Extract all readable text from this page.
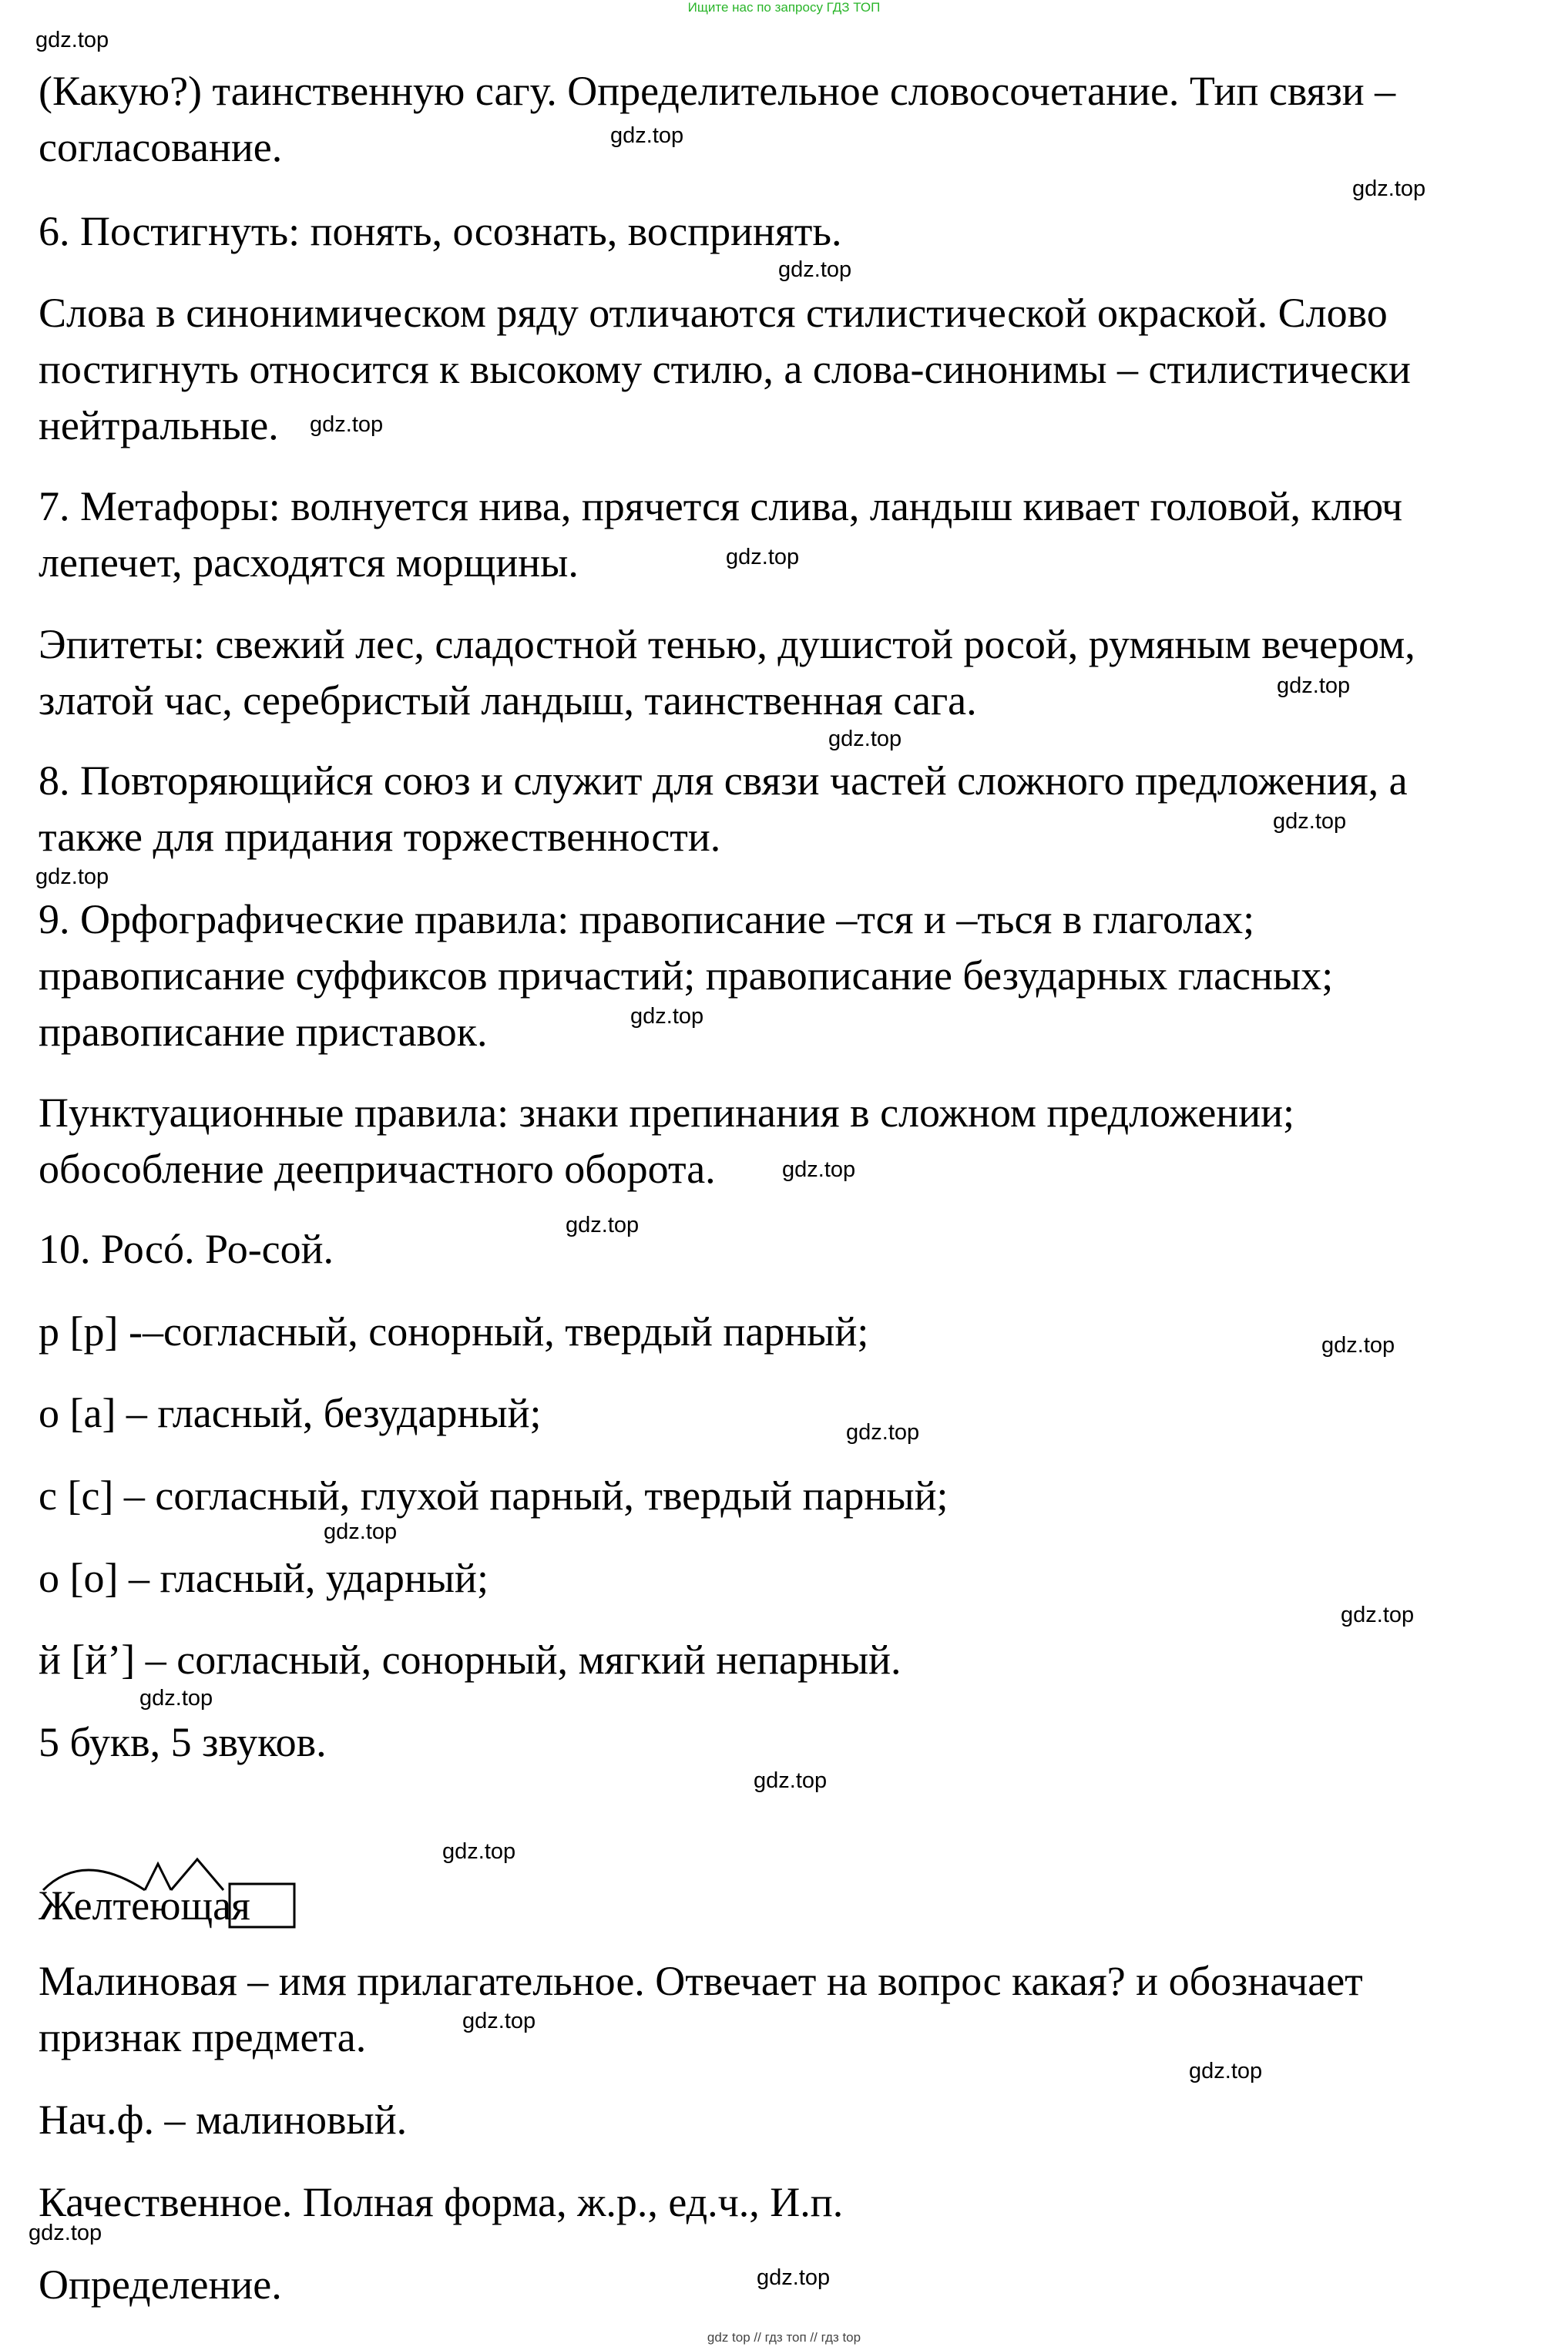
Ищите нас по запросу ГДЗ ТОП
(Какую?) таинственную сагу. Определительное словосочетание. Тип связи –
согласование.
6. Постигнуть: понять, осознать, воспринять.
Слова в синонимическом ряду отличаются стилистической окраской. Слово
постигнуть относится к высокому стилю, а слова-синонимы – стилистически
нейтральные.
7. Метафоры: волнуется нива, прячется слива, ландыш кивает головой, ключ
лепечет, расходятся морщины.
Эпитеты: свежий лес, сладостной тенью, душистой росой, румяным вечером,
златой час, серебристый ландыш, таинственная сага.
8. Повторяющийся союз и служит для связи частей сложного предложения, а
также для придания торжественности.
9. Орфографические правила: правописание –тся и –ться в глаголах;
правописание суффиксов причастий; правописание безударных гласных;
правописание приставок.
Пунктуационные правила: знаки препинания в сложном предложении;
обособление деепричастного оборота.
10. Росó. Ро-сой.
р [р] -–согласный, сонорный, твердый парный;
о [а] – гласный, безударный;
с [с] – согласный, глухой парный, твердый парный;
о [о] – гласный, ударный;
й [й’] – согласный, сонорный, мягкий непарный.
5 букв, 5 звуков.
Желтеющая
Малиновая – имя прилагательное. Отвечает на вопрос какая? и обозначает
признак предмета.
Нач.ф. – малиновый.
Качественное. Полная форма, ж.р., ед.ч., И.п.
Определение.
gdz.top
gdz.top
gdz.top
gdz.top
gdz.top
gdz.top
gdz.top
gdz.top
gdz.top
gdz.top
gdz.top
gdz.top
gdz.top
gdz.top
gdz.top
gdz.top
gdz.top
gdz.top
gdz.top
gdz.top
gdz.top
gdz.top
gdz.top
gdz.top
gdz top // гдз топ // гдз top
